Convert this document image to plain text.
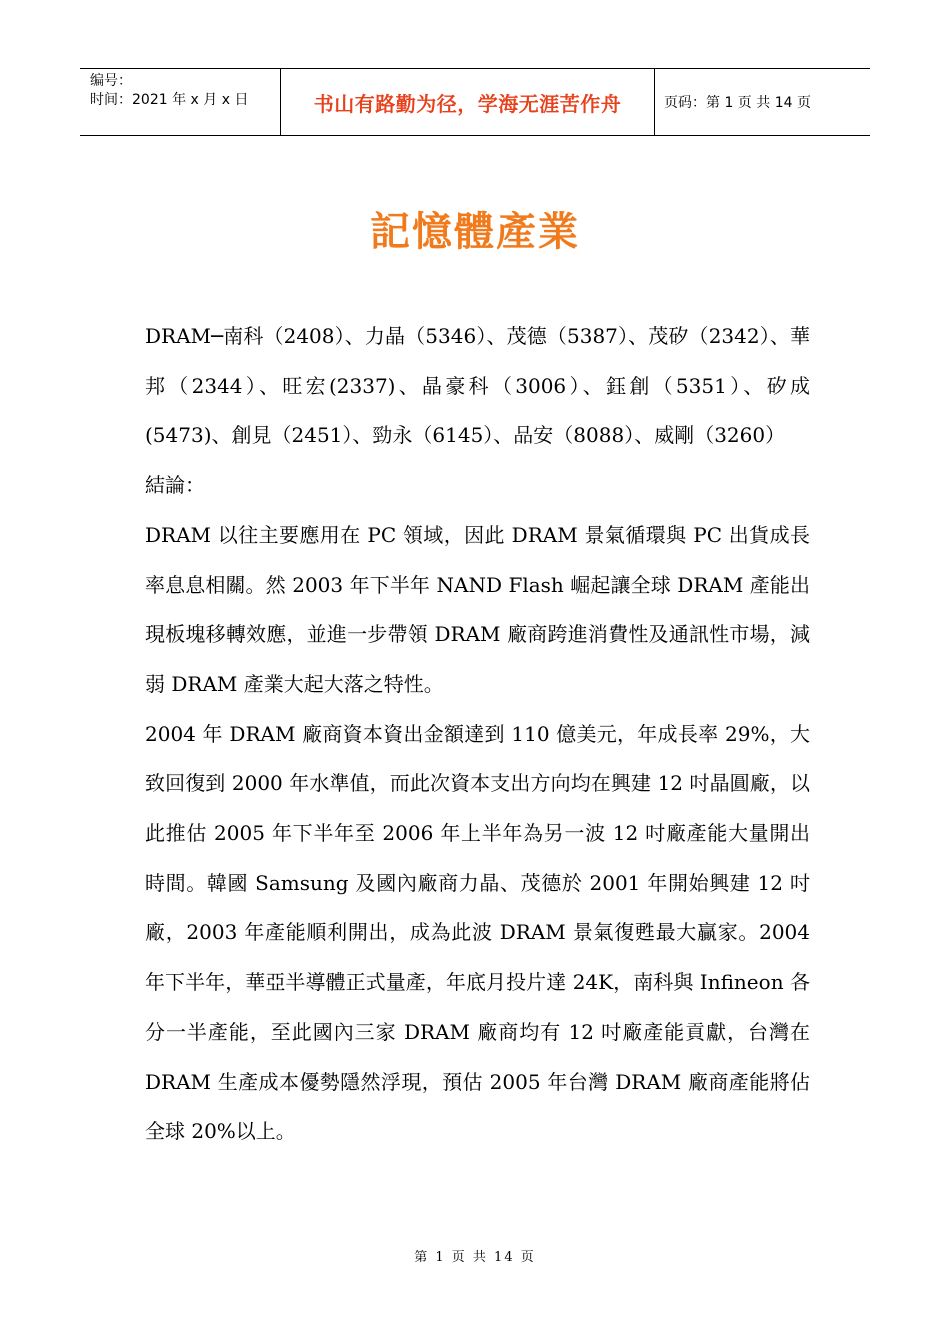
编号：
时间：2021 年 x 月 x 日	书山有路勤为径，学海无涯苦作舟	页码：第 1 页 共 14 页
記憶體產業

DRAM─南科（2408）、力晶（5346）、茂德（5387）、茂矽（2342）、華邦（2344）、旺宏(2337)、晶豪科（3006）、鈺創（5351）、矽成(5473)、創見（2451）、勁永（6145）、品安（8088）、威剛（3260）

結論：

DRAM 以往主要應用在 PC 領域，因此 DRAM 景氣循環與 PC 出貨成長率息息相關。然 2003 年下半年 NAND Flash 崛起讓全球 DRAM 產能出現板塊移轉效應，並進一步帶領 DRAM 廠商跨進消費性及通訊性市場，減弱 DRAM 產業大起大落之特性。

2004 年 DRAM 廠商資本資出金額達到 110 億美元，年成長率 29%，大致回復到 2000 年水準值，而此次資本支出方向均在興建 12 吋晶圓廠，以此推估 2005 年下半年至 2006 年上半年為另一波 12 吋廠產能大量開出時間。韓國 Samsung 及國內廠商力晶、茂德於 2001 年開始興建 12 吋廠，2003 年產能順利開出，成為此波 DRAM 景氣復甦最大贏家。2004 年下半年，華亞半導體正式量產，年底月投片達 24K，南科與 Infineon 各分一半產能，至此國內三家 DRAM 廠商均有 12 吋廠產能貢獻，台灣在 DRAM 生產成本優勢隱然浮現，預估 2005 年台灣 DRAM 廠商產能將佔全球 20%以上。

第 1 页 共 14 页
